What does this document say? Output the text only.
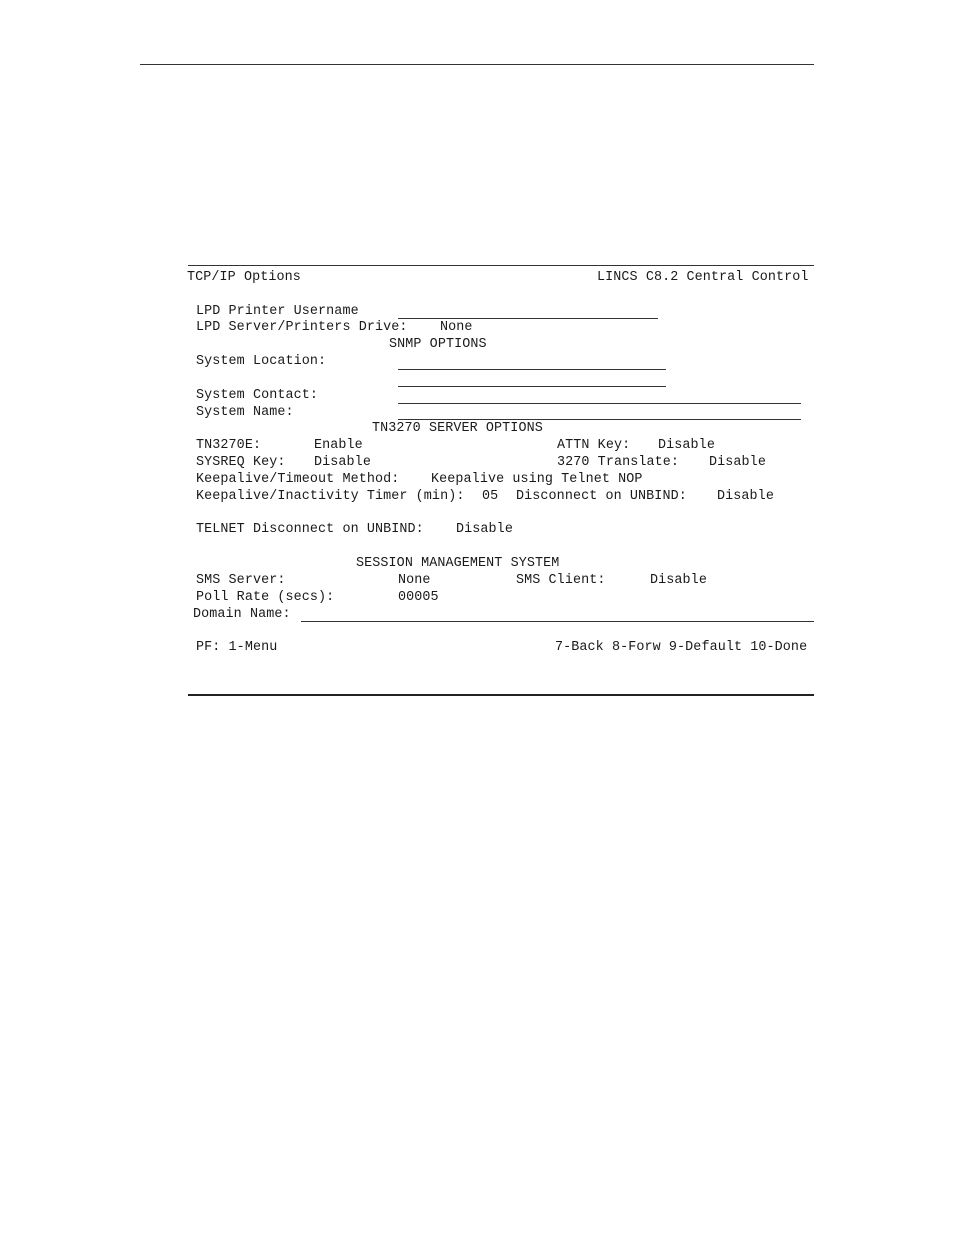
TCP/IP Options	LINCS C8.2 Central Control
LPD Printer Username
LPD Server/Printers Drive: None
SNMP OPTIONS
System Location:
System Contact:
System Name:
TN3270 SERVER OPTIONS
TN3270E:	Enable	ATTN Key: Disable
SYSREQ Key: Disable	3270 Translate: Disable
Keepalive/Timeout Method: Keepalive using Telnet NOP
Keepalive/Inactivity Timer (min): 05 Disconnect on UNBIND: Disable
TELNET Disconnect on UNBIND: Disable
SESSION MANAGEMENT SYSTEM
SMS Server:	None	SMS Client:	Disable
Poll Rate (secs):	00005
Domain Name:
PF: 1-Menu	7-Back 8-Forw 9-Default 10-Done
